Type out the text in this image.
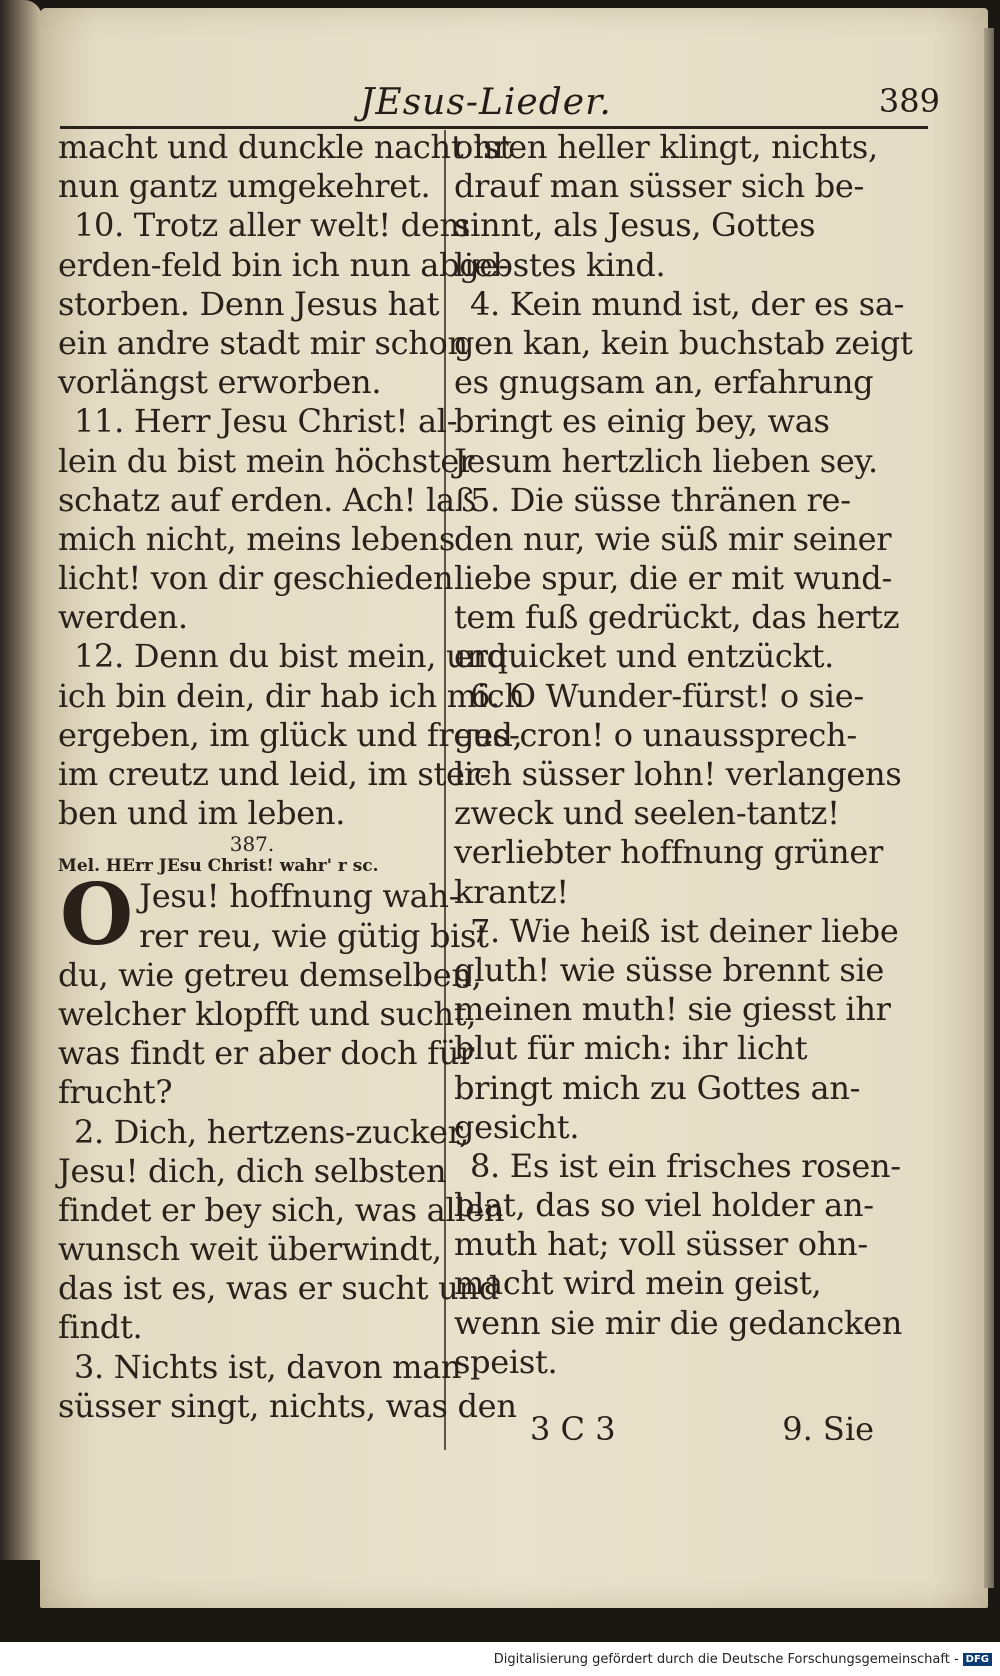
JEsus-Lieder.	389
macht und dunckle nacht ist
nun gantz umgekehret.
10. Trotz aller welt! dem
erden-feld bin ich nun abge-
storben. Denn Jesus hat
ein andre stadt mir schon
vorlängst erworben.
11. Herr Jesu Christ! al-
lein du bist mein höchster
schatz auf erden. Ach! laß
mich nicht, meins lebens
licht! von dir geschieden
werden.
12. Denn du bist mein, und
ich bin dein, dir hab ich mich
ergeben, im glück und freud,
im creutz und leid, im ster-
ben und im leben.
387.
Mel. HErr JEsu Christ! wahr' r sc.
O Jesu! hoffnung wah-
rer reu, wie gütig bist
du, wie getreu demselben,
welcher klopfft und sucht,
was findt er aber doch für
frucht?
2. Dich, hertzens-zucker,
Jesu! dich, dich selbsten
findet er bey sich, was allen
wunsch weit überwindt,
das ist es, was er sucht und
findt.
3. Nichts ist, davon man
süsser singt, nichts, was den
ohren heller klingt, nichts,
drauf man süsser sich be-
sinnt, als Jesus, Gottes
liebstes kind.
4. Kein mund ist, der es sa-
gen kan, kein buchstab zeigt
es gnugsam an, erfahrung
bringt es einig bey, was
Jesum hertzlich lieben sey.
5. Die süsse thränen re-
den nur, wie süß mir seiner
liebe spur, die er mit wund-
tem fuß gedrückt, das hertz
erquicket und entzückt.
6. O Wunder-fürst! o sie-
ges-cron! o unaussprech-
lich süsser lohn! verlangens
zweck und seelen-tantz!
verliebter hoffnung grüner
krantz!
7. Wie heiß ist deiner liebe
gluth! wie süsse brennt sie
meinen muth! sie giesst ihr
blut für mich: ihr licht
bringt mich zu Gottes an-
gesicht.
8. Es ist ein frisches rosen-
blat, das so viel holder an-
muth hat; voll süsser ohn-
macht wird mein geist,
wenn sie mir die gedancken
speist.
3 C 3	9. Sie
Digitalisierung gefördert durch die Deutsche Forschungsgemeinschaft - DFG
